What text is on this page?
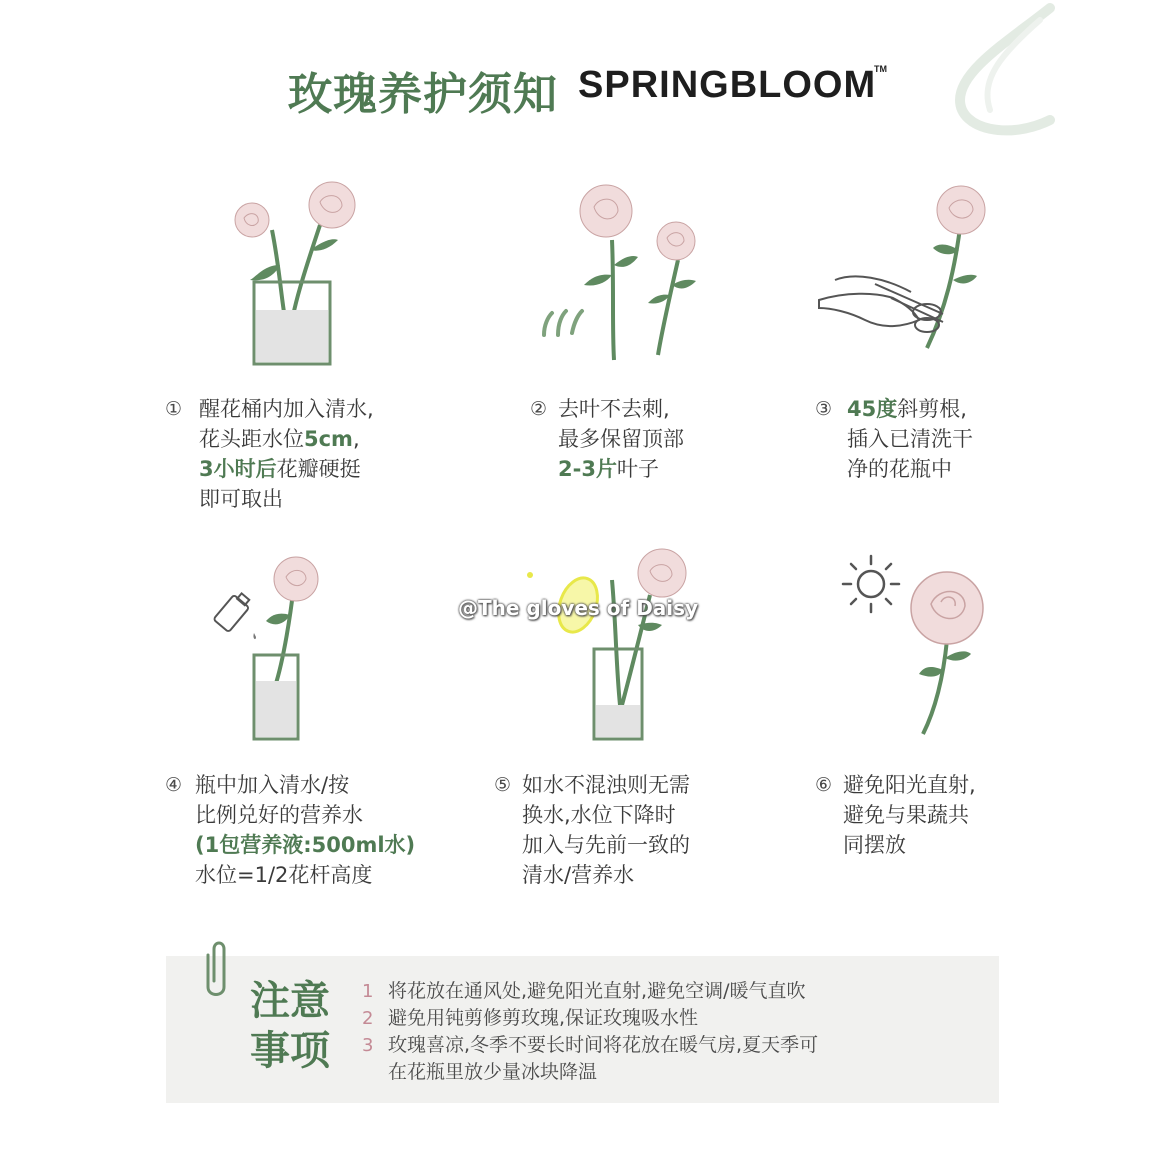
玫瑰养护须知 SPRINGBLOOM
TM
① 醒花桶内加入清水,
花头距水位5cm,
3小时后花瓣硬挺
即可取出
② 去叶不去刺,
最多保留顶部
2-3片叶子
③ 45度斜剪根,
插入已清洗干
净的花瓶中
④ 瓶中加入清水/按
比例兑好的营养水
(1包营养液:500ml水)
水位=1/2花杆高度
⑤ 如水不混浊则无需
换水,水位下降时
加入与先前一致的
清水/营养水
⑥ 避免阳光直射,
避免与果蔬共
同摆放
@The gloves of Daisy
注意
事项
1 将花放在通风处,避免阳光直射,避免空调/暖气直吹
2 避免用钝剪修剪玫瑰,保证玫瑰吸水性
3 玫瑰喜凉,冬季不要长时间将花放在暖气房,夏天季可
在花瓶里放少量冰块降温
